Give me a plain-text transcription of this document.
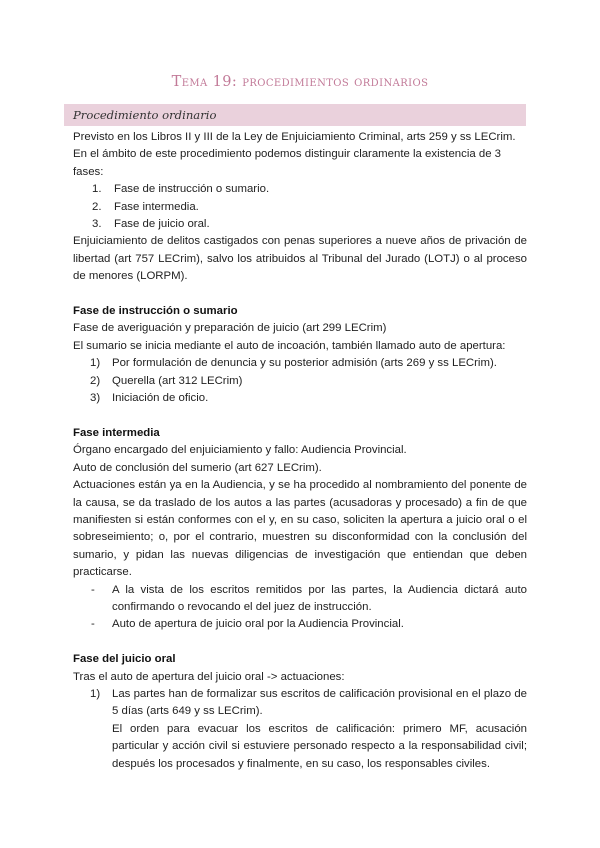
Tema 19: procedimientos ordinarios
Procedimiento ordinario

Previsto en los Libros II y III de la Ley de Enjuiciamiento Criminal, arts 259 y ss LECrim.

En el ámbito de este procedimiento podemos distinguir claramente la existencia de 3 fases:

1.	Fase de instrucción o sumario.
2.	Fase intermedia.
3.	Fase de juicio oral.

Enjuiciamiento de delitos castigados con penas superiores a nueve años de privación de libertad (art 757 LECrim), salvo los atribuidos al Tribunal del Jurado (LOTJ) o al proceso de menores (LORPM).

Fase de instrucción o sumario

Fase de averiguación y preparación de juicio (art 299 LECrim)

El sumario se inicia mediante el auto de incoación, también llamado auto de apertura:

1)	Por formulación de denuncia y su posterior admisión (arts 269 y ss LECrim).
2)	Querella (art 312 LECrim)
3)	Iniciación de oficio.

Fase intermedia

Órgano encargado del enjuiciamiento y fallo: Audiencia Provincial.

Auto de conclusión del sumerio (art 627 LECrim).

Actuaciones están ya en la Audiencia, y se ha procedido al nombramiento del ponente de la causa, se da traslado de los autos a las partes (acusadoras y procesado) a fin de que manifiesten si están conformes con el y, en su caso, soliciten la apertura a juicio oral o el sobreseimiento; o, por el contrario, muestren su disconformidad con la conclusión del sumario, y pidan las nuevas diligencias de investigación que entiendan que deben practicarse.

-	A la vista de los escritos remitidos por las partes, la Audiencia dictará auto confirmando o revocando el del juez de instrucción.
-	Auto de apertura de juicio oral por la Audiencia Provincial.

Fase del juicio oral

Tras el auto de apertura del juicio oral -> actuaciones:

1)	Las partes han de formalizar sus escritos de calificación provisional en el plazo de 5 días (arts 649 y ss LECrim).

El orden para evacuar los escritos de calificación: primero MF, acusación particular y acción civil si estuviere personado respecto a la responsabilidad civil; después los procesados y finalmente, en su caso, los responsables civiles.
